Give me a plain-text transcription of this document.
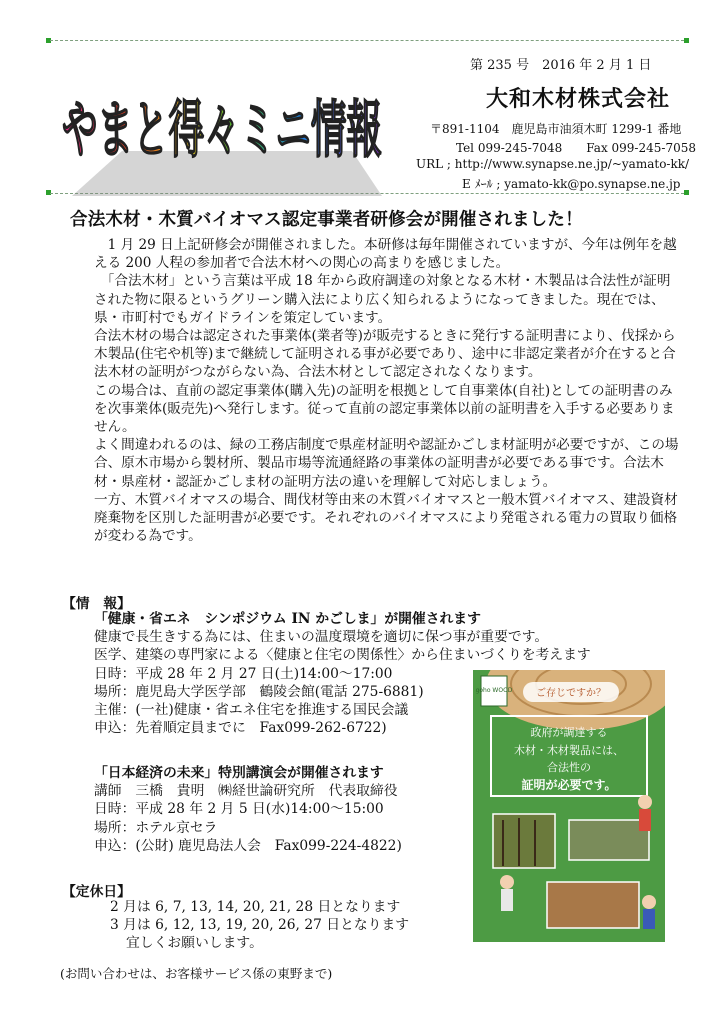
やまと得々ミニ情報
第 235 号　2016 年 2 月 1 日
大和木材株式会社
〒891-1104　鹿児島市油須木町 1299-1 番地
Tel 099-245-7048　　Fax 099-245-7058
URL ; http://www.synapse.ne.jp/~yamato-kk/
E ﾒｰﾙ ; yamato-kk@po.synapse.ne.jp
合法木材・木質バイオマス認定事業者研修会が開催されました！

　1 月 29 日上記研修会が開催されました。本研修は毎年開催されていますが、今年は例年を越える 200 人程の参加者で合法木材への関心の高まりを感じました。

　「合法木材」という言葉は平成 18 年から政府調達の対象となる木材・木製品は合法性が証明された物に限るというグリーン購入法により広く知られるようになってきました。現在では、県・市町村でもガイドラインを策定しています。

合法木材の場合は認定された事業体(業者等)が販売するときに発行する証明書により、伐採から木製品(住宅や机等)まで継続して証明される事が必要であり、途中に非認定業者が介在すると合法木材の証明がつながらない為、合法木材として認定されなくなります。

この場合は、直前の認定事業体(購入先)の証明を根拠として自事業体(自社)としての証明書のみを次事業体(販売先)へ発行します。従って直前の認定事業体以前の証明書を入手する必要ありません。

よく間違われるのは、緑の工務店制度で県産材証明や認証かごしま材証明が必要ですが、この場合、原木市場から製材所、製品市場等流通経路の事業体の証明書が必要である事です。合法木材・県産材・認証かごしま材の証明方法の違いを理解して対応しましょう。

一方、木質バイオマスの場合、間伐材等由来の木質バイオマスと一般木質バイオマス、建設資材廃棄物を区別した証明書が必要です。それぞれのバイオマスにより発電される電力の買取り価格が変わる為です。

【情　報】
「健康・省エネ　シンポジウム IN かごしま」が開催されます
健康で長生きする為には、住まいの温度環境を適切に保つ事が重要です。
医学、建築の専門家による〈健康と住宅の関係性〉から住まいづくりを考えます
日時：平成 28 年 2 月 27 日(土)14:00～17:00
場所：鹿児島大学医学部　鶴陵会館(電話 275-6881)
主催：(一社)健康・省エネ住宅を推進する国民会議
申込：先着順定員までに　Fax099-262-6722)
「日本経済の未来」特別講演会が開催されます
講師　三橋　貴明　㈱経世論研究所　代表取締役
日時：平成 28 年 2 月 5 日(水)14:00～15:00
場所：ホテル京セラ
申込：(公財) 鹿児島法人会　Fax099-224-4822)
【定休日】
2 月は 6, 7, 13, 14, 20, 21, 28 日となります
3 月は 6, 12, 13, 19, 20, 26, 27 日となります
宜しくお願いします。
(お問い合わせは、お客様サービス係の東野まで)
goho WOOD ご存じですか？
政府が調達する
木材・木材製品には、
合法性の
証明が必要です。
